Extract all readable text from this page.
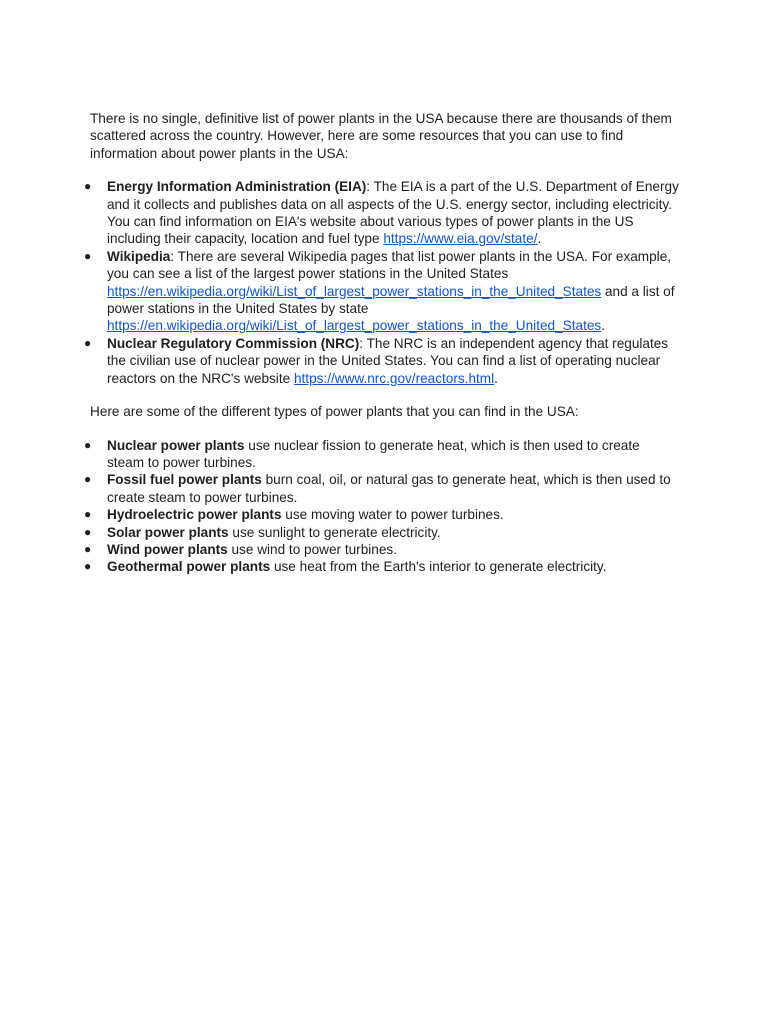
There is no single, definitive list of power plants in the USA because there are thousands of them scattered across the country. However, here are some resources that you can use to find information about power plants in the USA:

● Energy Information Administration (EIA): The EIA is a part of the U.S. Department of Energy and it collects and publishes data on all aspects of the U.S. energy sector, including electricity. You can find information on EIA's website about various types of power plants in the US including their capacity, location and fuel type https://www.eia.gov/state/.
● Wikipedia: There are several Wikipedia pages that list power plants in the USA. For example, you can see a list of the largest power stations in the United States https://en.wikipedia.org/wiki/List_of_largest_power_stations_in_the_United_States and a list of power stations in the United States by state https://en.wikipedia.org/wiki/List_of_largest_power_stations_in_the_United_States.
● Nuclear Regulatory Commission (NRC): The NRC is an independent agency that regulates the civilian use of nuclear power in the United States. You can find a list of operating nuclear reactors on the NRC's website https://www.nrc.gov/reactors.html.

Here are some of the different types of power plants that you can find in the USA:

● Nuclear power plants use nuclear fission to generate heat, which is then used to create steam to power turbines.
● Fossil fuel power plants burn coal, oil, or natural gas to generate heat, which is then used to create steam to power turbines.
● Hydroelectric power plants use moving water to power turbines.
● Solar power plants use sunlight to generate electricity.
● Wind power plants use wind to power turbines.
● Geothermal power plants use heat from the Earth's interior to generate electricity.
